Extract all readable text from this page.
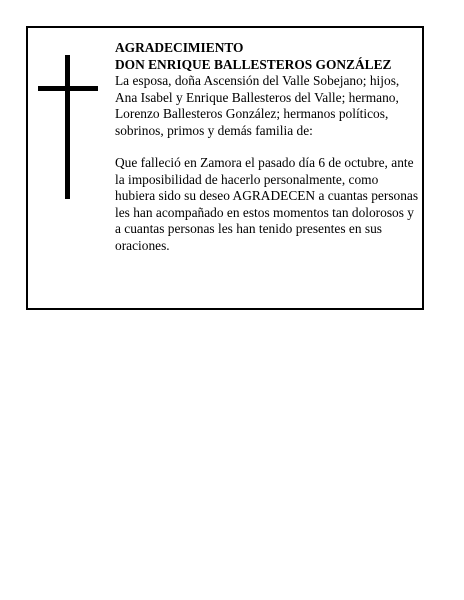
AGRADECIMIENTO

DON ENRIQUE BALLESTEROS GONZÁLEZ

La esposa, doña Ascensión del Valle Sobejano; hijos, Ana Isabel y Enrique Ballesteros del Valle; hermano, Lorenzo Ballesteros González; hermanos políticos, sobrinos, primos y demás familia de:

Que falleció en Zamora el pasado día 6 de octubre, ante la imposibilidad de hacerlo personalmente, como hubiera sido su deseo AGRADECEN a cuantas personas les han acompañado en estos momentos tan dolorosos y a cuantas personas les han tenido presentes en sus oraciones.
